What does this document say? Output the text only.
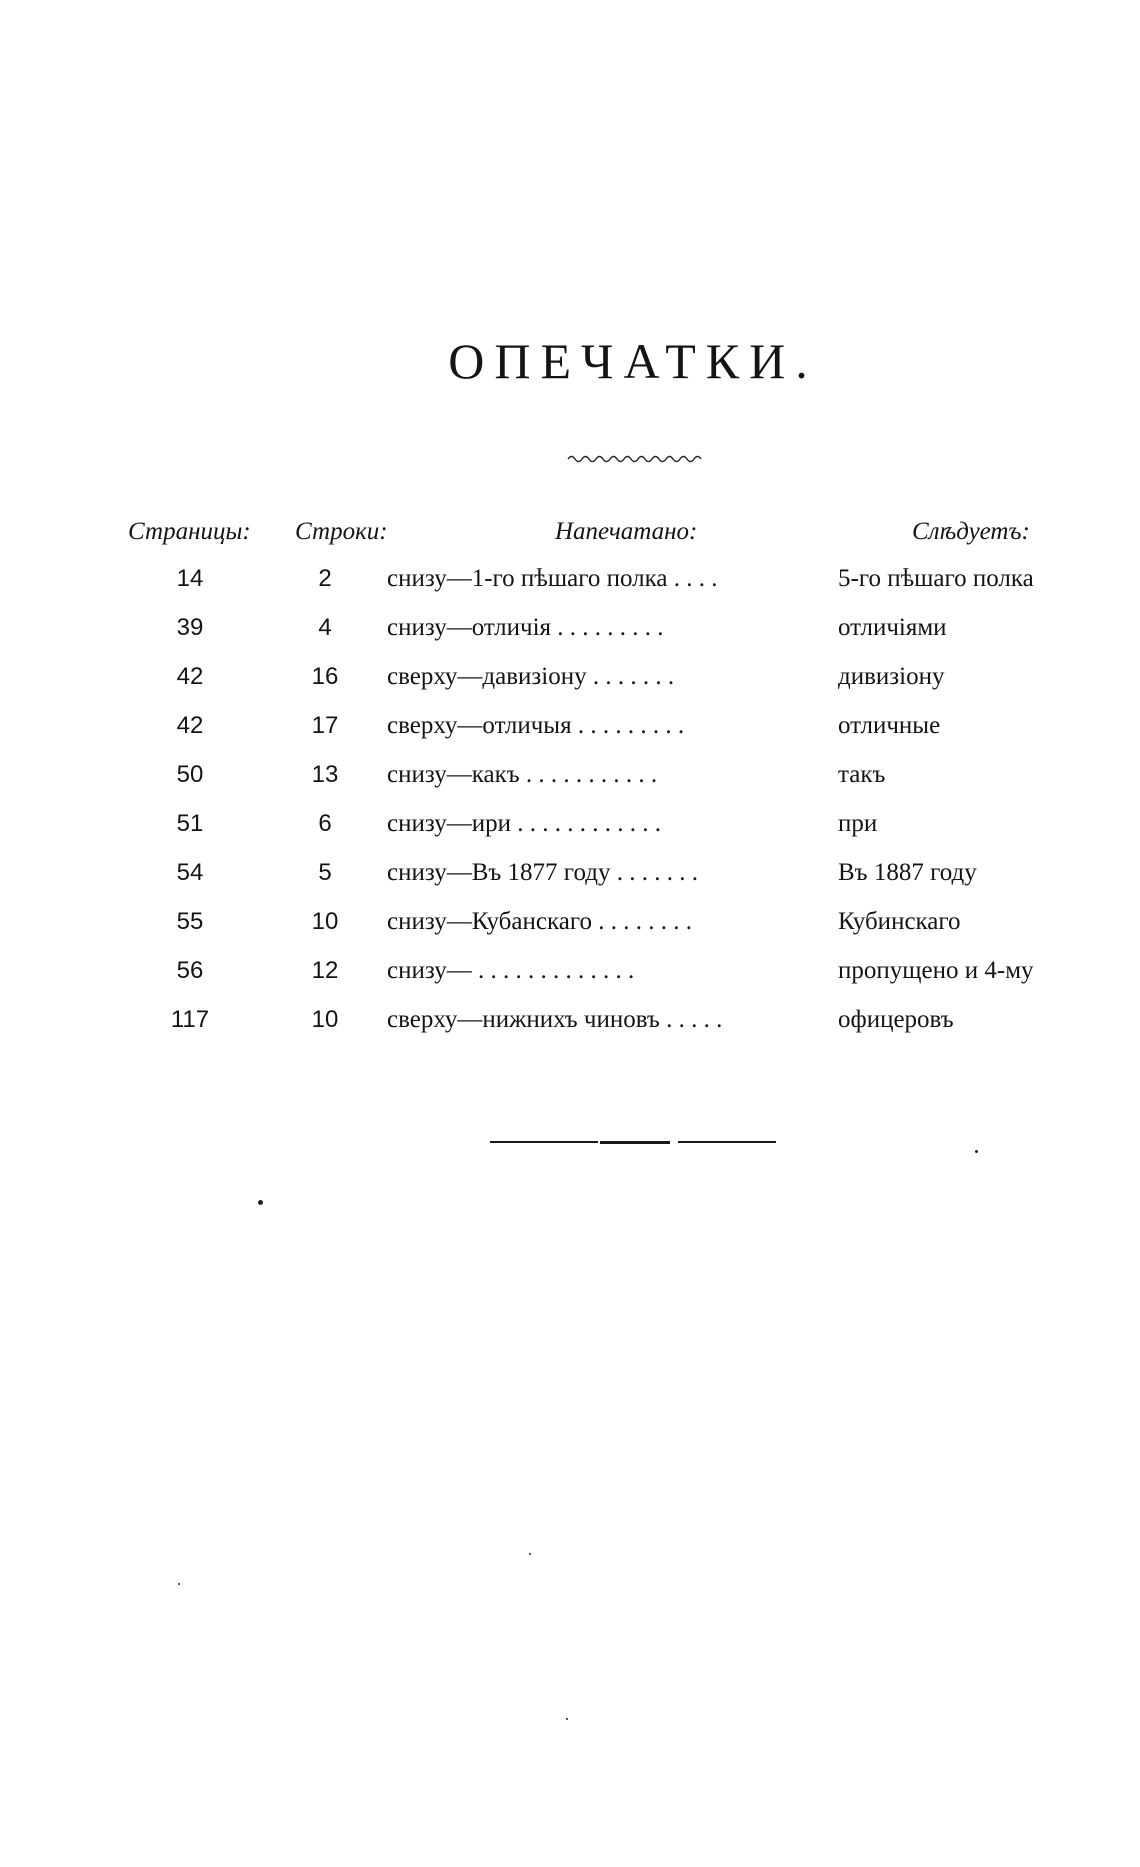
ОПЕЧАТКИ.
Страницы: Строки:	Напечатано:	Слѣдуетъ:
14	2	снизу—1-го пѣшаго полка . . . .	5-го пѣшаго полка
39	4	снизу—отличія . . . . . . . . .	отличіями
42	16	сверху—давизіону . . . . . . .	дивизіону
42	17	сверху—отличыя . . . . . . . . .	отличные
50	13	снизу—какъ . . . . . . . . . . .	такъ
51	6	снизу—ири . . . . . . . . . . . .	при
54	5	снизу—Въ 1877 году . . . . . . .	Въ 1887 году
55	10	снизу—Кубанскаго . . . . . . . .	Кубинскаго
56	12	снизу— . . . . . . . . . . . . .	пропущено и 4-му
117	10	сверху—нижнихъ чиновъ . . . . .	офицеровъ
